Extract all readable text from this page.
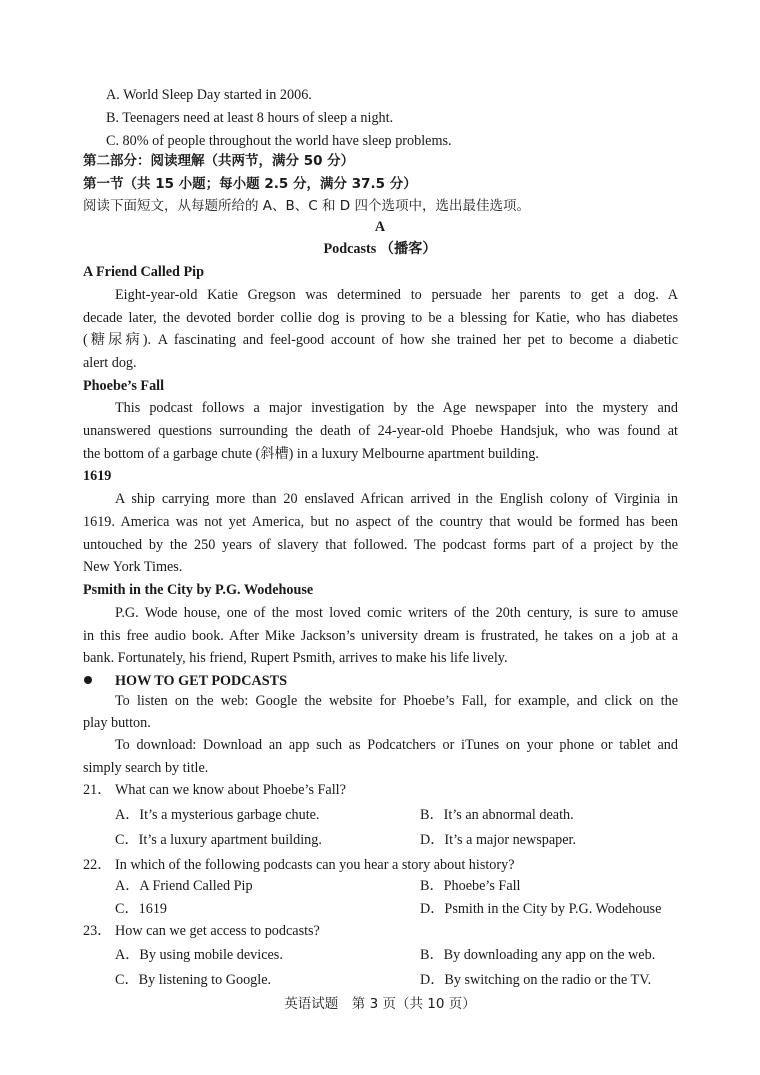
A. World Sleep Day started in 2006.
B. Teenagers need at least 8 hours of sleep a night.
C. 80% of people throughout the world have sleep problems.
第二部分：阅读理解（共两节，满分 50 分）
第一节（共 15 小题；每小题 2.5 分，满分 37.5 分）
阅读下面短文，从每题所给的 A、B、C 和 D 四个选项中，选出最佳选项。
A
Podcasts （播客）
A Friend Called Pip
Eight-year-old Katie Gregson was determined to persuade her parents to get a dog. A
decade later, the devoted border collie dog is proving to be a blessing for Katie, who has diabetes
(糖尿病). A fascinating and feel-good account of how she trained her pet to become a diabetic
alert dog.
Phoebe’s Fall
This podcast follows a major investigation by the Age newspaper into the mystery and
unanswered questions surrounding the death of 24-year-old Phoebe Handsjuk, who was found at
the bottom of a garbage chute (斜槽) in a luxury Melbourne apartment building.
1619
A ship carrying more than 20 enslaved African arrived in the English colony of Virginia in
1619. America was not yet America, but no aspect of the country that would be formed has been
untouched by the 250 years of slavery that followed. The podcast forms part of a project by the
New York Times.
Psmith in the City by P.G. Wodehouse
P.G. Wode house, one of the most loved comic writers of the 20th century, is sure to amuse
in this free audio book. After Mike Jackson’s university dream is frustrated, he takes on a job at a
bank. Fortunately, his friend, Rupert Psmith, arrives to make his life lively.
HOW TO GET PODCASTS
To listen on the web: Google the website for Phoebe’s Fall, for example, and click on the
play button.
To download: Download an app such as Podcatchers or iTunes on your phone or tablet and
simply search by title.
21． What can we know about Phoebe’s Fall?
A．It’s a mysterious garbage chute.	B．It’s an abnormal death.
C．It’s a luxury apartment building.	D．It’s a major newspaper.
22． In which of the following podcasts can you hear a story about history?
A．A Friend Called Pip	B．Phoebe’s Fall
C．1619	D．Psmith in the City by P.G. Wodehouse
23． How can we get access to podcasts?
A．By using mobile devices.	B．By downloading any app on the web.
C．By listening to Google.	D．By switching on the radio or the TV.
英语试题　第 3 页（共 10 页）
